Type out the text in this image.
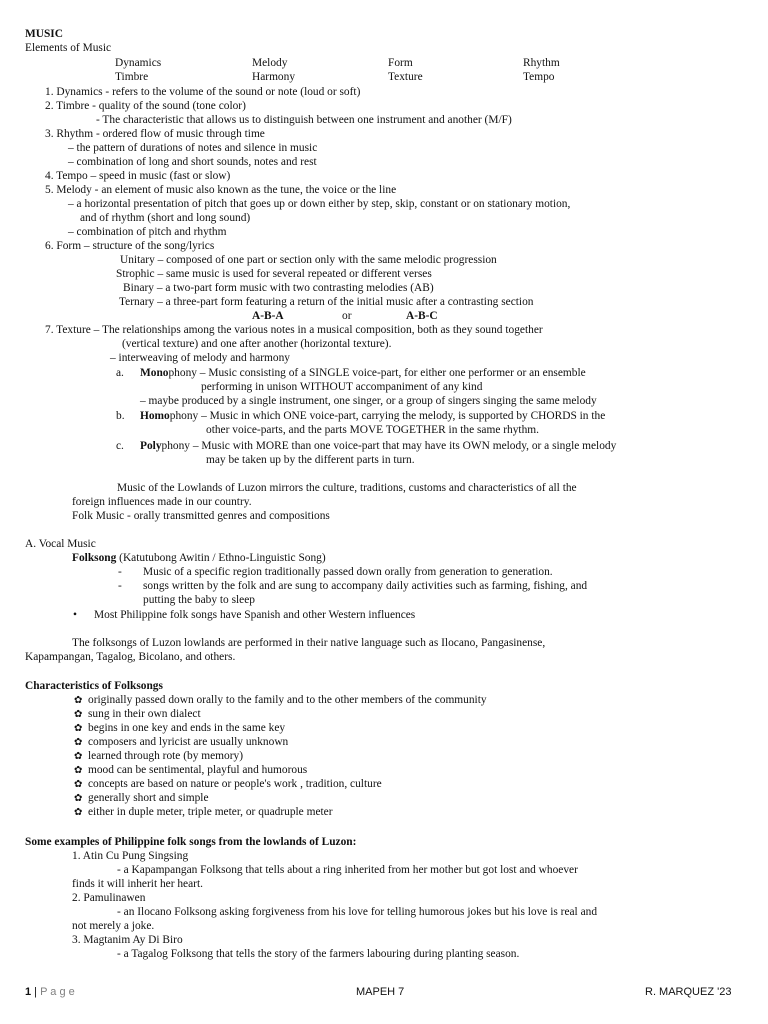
MUSIC
Elements of Music
Dynamics	Melody	Form	Rhythm
Timbre	Harmony	Texture	Tempo
1. Dynamics - refers to the volume of the sound or note (loud or soft)
2. Timbre - quality of the sound (tone color)
- The characteristic that allows us to distinguish between one instrument and another (M/F)
3. Rhythm - ordered flow of music through time
– the pattern of durations of notes and silence in music
– combination of long and short sounds, notes and rest
4. Tempo – speed in music (fast or slow)
5. Melody - an element of music also known as the tune, the voice or the line
– a horizontal presentation of pitch that goes up or down either by step, skip, constant or on stationary motion,
and of rhythm (short and long sound)
– combination of pitch and rhythm
6. Form – structure of the song/lyrics
Unitary – composed of one part or section only with the same melodic progression
Strophic – same music is used for several repeated or different verses
Binary – a two-part form music with two contrasting melodies (AB)
Ternary – a three-part form featuring a return of the initial music after a contrasting section
A-B-A	or	A-B-C
7. Texture – The relationships among the various notes in a musical composition, both as they sound together
(vertical texture) and one after another (horizontal texture).
– interweaving of melody and harmony
a. Monophony – Music consisting of a SINGLE voice-part, for either one performer or an ensemble
performing in unison WITHOUT accompaniment of any kind
– maybe produced by a single instrument, one singer, or a group of singers singing the same melody
b. Homophony – Music in which ONE voice-part, carrying the melody, is supported by CHORDS in the
other voice-parts, and the parts MOVE TOGETHER in the same rhythm.
c. Polyphony – Music with MORE than one voice-part that may have its OWN melody, or a single melody
may be taken up by the different parts in turn.
Music of the Lowlands of Luzon mirrors the culture, traditions, customs and characteristics of all the
foreign influences made in our country.
Folk Music - orally transmitted genres and compositions
A. Vocal Music
Folksong (Katutubong Awitin / Ethno-Linguistic Song)
- Music of a specific region traditionally passed down orally from generation to generation.
- songs written by the folk and are sung to accompany daily activities such as farming, fishing, and
putting the baby to sleep
• Most Philippine folk songs have Spanish and other Western influences
The folksongs of Luzon lowlands are performed in their native language such as Ilocano, Pangasinense,
Kapampangan, Tagalog, Bicolano, and others.
Characteristics of Folksongs
✿ originally passed down orally to the family and to the other members of the community
✿ sung in their own dialect
✿ begins in one key and ends in the same key
✿ composers and lyricist are usually unknown
✿ learned through rote (by memory)
✿ mood can be sentimental, playful and humorous
✿ concepts are based on nature or people's work , tradition, culture
✿ generally short and simple
✿ either in duple meter, triple meter, or quadruple meter
Some examples of Philippine folk songs from the lowlands of Luzon:
1. Atin Cu Pung Singsing
- a Kapampangan Folksong that tells about a ring inherited from her mother but got lost and whoever
finds it will inherit her heart.
2. Pamulinawen
- an Ilocano Folksong asking forgiveness from his love for telling humorous jokes but his love is real and
not merely a joke.
3. Magtanim Ay Di Biro
- a Tagalog Folksong that tells the story of the farmers labouring during planting season.
1 | P a g e	MAPEH 7	R. MARQUEZ '23
